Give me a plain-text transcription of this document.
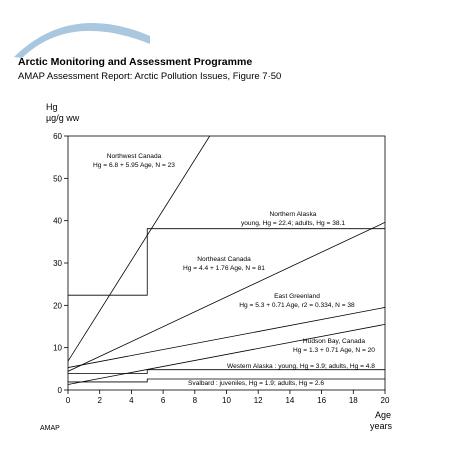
AMAP
Arctic Monitoring and Assessment Programme
AMAP Assessment Report: Arctic Pollution Issues, Figure 7·50
0	2	4	6	8	10	12	14	16	18	20
0
10
20
30
40
50
60
Northwest Canada
Hg = 6.8 + 5.95 Age, N = 23
Northern Alaska
young, Hg = 22.4; adults, Hg = 38.1
Northeast Canada
Hg = 4.4 + 1.76 Age, N = 81
East Greenland
Hg = 5.3 + 0.71 Age, r2 = 0.334, N = 38
Hudson Bay, Canada
Hg = 1.3 + 0.71 Age, N = 20
Western Alaska : young, Hg = 3.9; adults, Hg = 4.8
Svalbard : juveniles, Hg = 1.9; adults, Hg = 2.6
Hg
µg/g ww
Age
years
AMAP
